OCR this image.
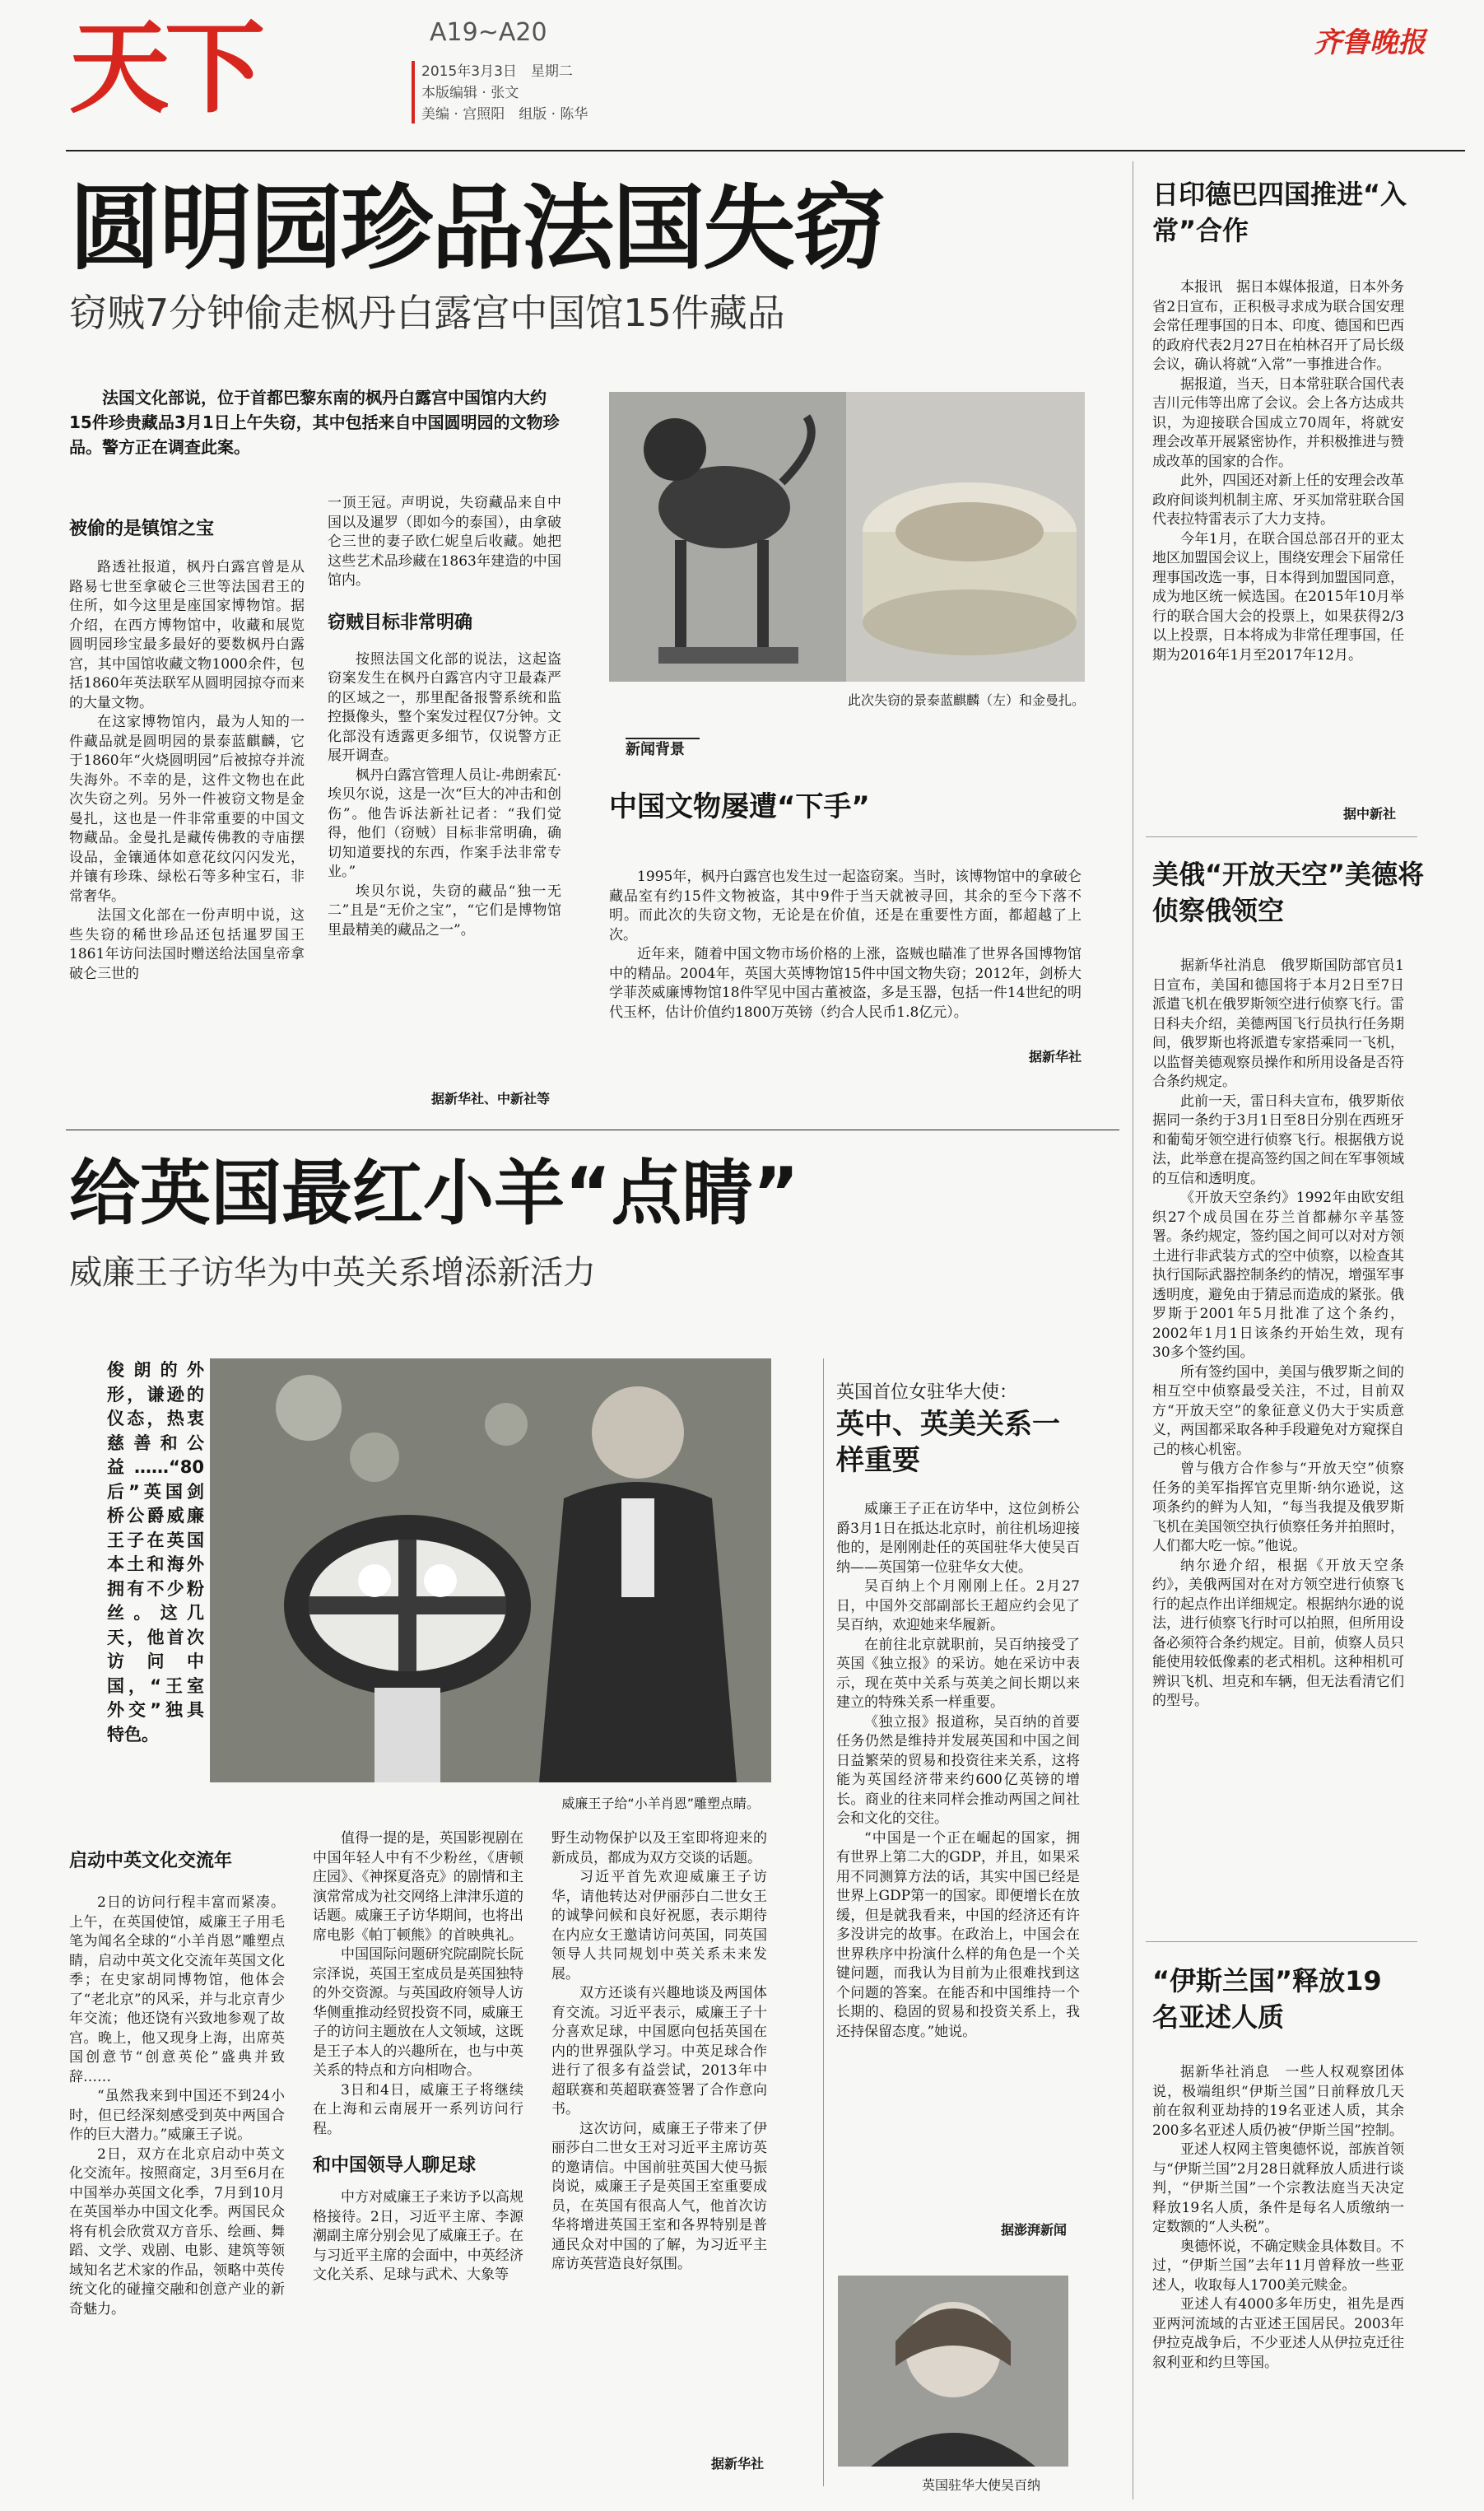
天下	A19~A20
2015年3月3日　 星期二
本版编辑 · 张文
美编 · 宫照阳　组版 · 陈华
齐鲁晚报
圆明园珍品法国失窃
窃贼7分钟偷走枫丹白露宫中国馆15件藏品

法国文化部说，位于首都巴黎东南的枫丹白露宫中国馆内大约15件珍贵藏品3月1日上午失窃，其中包括来自中国圆明园的文物珍品。警方正在调查此案。

被偷的是镇馆之宝

路透社报道，枫丹白露宫曾是从路易七世至拿破仑三世等法国君王的住所，如今这里是座国家博物馆。据介绍，在西方博物馆中，收藏和展览圆明园珍宝最多最好的要数枫丹白露宫，其中国馆收藏文物1000余件，包括1860年英法联军从圆明园掠夺而来的大量文物。

在这家博物馆内，最为人知的一件藏品就是圆明园的景泰蓝麒麟，它于1860年“火烧圆明园”后被掠夺并流失海外。不幸的是，这件文物也在此次失窃之列。另外一件被窃文物是金曼扎，这也是一件非常重要的中国文物藏品。金曼扎是藏传佛教的寺庙摆设品，金镶通体如意花纹闪闪发光，并镶有珍珠、绿松石等多种宝石，非常奢华。

法国文化部在一份声明中说，这些失窃的稀世珍品还包括暹罗国王1861年访问法国时赠送给法国皇帝拿破仑三世的

一顶王冠。声明说，失窃藏品来自中国以及暹罗（即如今的泰国），由拿破仑三世的妻子欧仁妮皇后收藏。她把这些艺术品珍藏在1863年建造的中国馆内。

窃贼目标非常明确

按照法国文化部的说法，这起盗窃案发生在枫丹白露宫内守卫最森严的区域之一，那里配备报警系统和监控摄像头，整个案发过程仅7分钟。文化部没有透露更多细节，仅说警方正展开调查。

枫丹白露宫管理人员让-弗朗索瓦·埃贝尔说，这是一次“巨大的冲击和创伤”。他告诉法新社记者：“我们觉得，他们（窃贼）目标非常明确，确切知道要找的东西，作案手法非常专业。”

埃贝尔说，失窃的藏品“独一无二”且是“无价之宝”，“它们是博物馆里最精美的藏品之一”。

据新华社、中新社等
此次失窃的景泰蓝麒麟（左）和金曼扎。
新闻背景
中国文物屡遭“下手”

1995年，枫丹白露宫也发生过一起盗窃案。当时，该博物馆中的拿破仑藏品室有约15件文物被盗，其中9件于当天就被寻回，其余的至今下落不明。而此次的失窃文物，无论是在价值，还是在重要性方面，都超越了上次。

近年来，随着中国文物市场价格的上涨，盗贼也瞄准了世界各国博物馆中的精品。2004年，英国大英博物馆15件中国文物失窃；2012年，剑桥大学菲茨威廉博物馆18件罕见中国古董被盗，多是玉器，包括一件14世纪的明代玉杯，估计价值约1800万英镑（约合人民币1.8亿元）。

据新华社
给英国最红小羊“点睛”
威廉王子访华为中英关系增添新活力
俊朗的外形，谦逊的仪态，热衷慈善和公益……“80后”英国剑桥公爵威廉王子在英国本土和海外拥有不少粉丝。这几天，他首次访问中国，“王室外交”独具特色。
威廉王子给“小羊肖恩”雕塑点睛。
启动中英文化交流年

2日的访问行程丰富而紧凑。上午，在英国使馆，威廉王子用毛笔为闻名全球的“小羊肖恩”雕塑点睛，启动中英文化交流年英国文化季；在史家胡同博物馆，他体会了“老北京”的风采，并与北京青少年交流；他还饶有兴致地参观了故宫。晚上，他又现身上海，出席英国创意节“创意英伦”盛典并致辞……

“虽然我来到中国还不到24小时，但已经深刻感受到英中两国合作的巨大潜力。”威廉王子说。

2日，双方在北京启动中英文化交流年。按照商定，3月至6月在中国举办英国文化季，7月到10月在英国举办中国文化季。两国民众将有机会欣赏双方音乐、绘画、舞蹈、文学、戏剧、电影、建筑等领域知名艺术家的作品，领略中英传统文化的碰撞交融和创意产业的新奇魅力。

值得一提的是，英国影视剧在中国年轻人中有不少粉丝，《唐顿庄园》、《神探夏洛克》的剧情和主演常常成为社交网络上津津乐道的话题。威廉王子访华期间，也将出席电影《帕丁顿熊》的首映典礼。

中国国际问题研究院副院长阮宗泽说，英国王室成员是英国独特的外交资源。与英国政府领导人访华侧重推动经贸投资不同，威廉王子的访问主题放在人文领域，这既是王子本人的兴趣所在，也与中英关系的特点和方向相吻合。

3日和4日，威廉王子将继续在上海和云南展开一系列访问行程。

和中国领导人聊足球

中方对威廉王子来访予以高规格接待。2日，习近平主席、李源潮副主席分别会见了威廉王子。在与习近平主席的会面中，中英经济文化关系、足球与武术、大象等

野生动物保护以及王室即将迎来的新成员，都成为双方交谈的话题。

习近平首先欢迎威廉王子访华，请他转达对伊丽莎白二世女王的诚挚问候和良好祝愿，表示期待在内应女王邀请访问英国，同英国领导人共同规划中英关系未来发展。

双方还谈有兴趣地谈及两国体育交流。习近平表示，威廉王子十分喜欢足球，中国愿向包括英国在内的世界强队学习。中英足球合作进行了很多有益尝试，2013年中超联赛和英超联赛签署了合作意向书。

这次访问，威廉王子带来了伊丽莎白二世女王对习近平主席访英的邀请信。中国前驻英国大使马振岗说，威廉王子是英国王室重要成员，在英国有很高人气，他首次访华将增进英国王室和各界特别是普通民众对中国的了解，为习近平主席访英营造良好氛围。

据新华社
英国首位女驻华大使：
英中、英美关系一样重要

威廉王子正在访华中，这位剑桥公爵3月1日在抵达北京时，前往机场迎接他的，是刚刚赴任的英国驻华大使吴百纳——英国第一位驻华女大使。

吴百纳上个月刚刚上任。2月27日，中国外交部副部长王超应约会见了吴百纳，欢迎她来华履新。

在前往北京就职前，吴百纳接受了英国《独立报》的采访。她在采访中表示，现在英中关系与英美之间长期以来建立的特殊关系一样重要。

《独立报》报道称，吴百纳的首要任务仍然是维持并发展英国和中国之间日益繁荣的贸易和投资往来关系，这将能为英国经济带来约600亿英镑的增长。商业的往来同样会推动两国之间社会和文化的交往。

“中国是一个正在崛起的国家，拥有世界上第二大的GDP，并且，如果采用不同测算方法的话，其实中国已经是世界上GDP第一的国家。即便增长在放缓，但是就我看来，中国的经济还有许多没讲完的故事。在政治上，中国会在世界秩序中扮演什么样的角色是一个关键问题，而我认为目前为止很难找到这个问题的答案。在能否和中国维持一个长期的、稳固的贸易和投资关系上，我还持保留态度。”她说。

据澎湃新闻
英国驻华大使吴百纳
日印德巴四国推进“入常”合作

本报讯　据日本媒体报道，日本外务省2日宣布，正积极寻求成为联合国安理会常任理事国的日本、印度、德国和巴西的政府代表2月27日在柏林召开了局长级会议，确认将就“入常”一事推进合作。

据报道，当天，日本常驻联合国代表吉川元伟等出席了会议。会上各方达成共识，为迎接联合国成立70周年，将就安理会改革开展紧密协作，并积极推进与赞成改革的国家的合作。

此外，四国还对新上任的安理会改革政府间谈判机制主席、牙买加常驻联合国代表拉特雷表示了大力支持。

今年1月，在联合国总部召开的亚太地区加盟国会议上，围绕安理会下届常任理事国改选一事，日本得到加盟国同意，成为地区统一候选国。在2015年10月举行的联合国大会的投票上，如果获得2/3以上投票，日本将成为非常任理事国，任期为2016年1月至2017年12月。

据中新社
美俄“开放天空”美德将侦察俄领空

据新华社消息　俄罗斯国防部官员1日宣布，美国和德国将于本月2日至7日派遣飞机在俄罗斯领空进行侦察飞行。雷日科夫介绍，美德两国飞行员执行任务期间，俄罗斯也将派遣专家搭乘同一飞机，以监督美德观察员操作和所用设备是否符合条约规定。

此前一天，雷日科夫宣布，俄罗斯依据同一条约于3月1日至8日分别在西班牙和葡萄牙领空进行侦察飞行。根据俄方说法，此举意在提高签约国之间在军事领域的互信和透明度。

《开放天空条约》1992年由欧安组织27个成员国在芬兰首都赫尔辛基签署。条约规定，签约国之间可以对对方领土进行非武装方式的空中侦察，以检查其执行国际武器控制条约的情况，增强军事透明度，避免由于猜忌而造成的紧张。俄罗斯于2001年5月批准了这个条约，2002年1月1日该条约开始生效，现有30多个签约国。

所有签约国中，美国与俄罗斯之间的相互空中侦察最受关注，不过，目前双方“开放天空”的象征意义仍大于实质意义，两国都采取各种手段避免对方窥探自己的核心机密。

曾与俄方合作参与“开放天空”侦察任务的美军指挥官克里斯·纳尔逊说，这项条约的鲜为人知，“每当我提及俄罗斯飞机在美国领空执行侦察任务并拍照时，人们都大吃一惊。”他说。

纳尔逊介绍，根据《开放天空条约》，美俄两国对在对方领空进行侦察飞行的起点作出详细规定。根据纳尔逊的说法，进行侦察飞行时可以拍照，但所用设备必须符合条约规定。目前，侦察人员只能使用较低像素的老式相机。这种相机可辨识飞机、坦克和车辆，但无法看清它们的型号。

“伊斯兰国”释放19名亚述人质

据新华社消息　一些人权观察团体说，极端组织“伊斯兰国”日前释放几天前在叙利亚劫持的19名亚述人质，其余200多名亚述人质仍被“伊斯兰国”控制。

亚述人权网主管奥德怀说，部族首领与“伊斯兰国”2月28日就释放人质进行谈判，“伊斯兰国”一个宗教法庭当天决定释放19名人质，条件是每名人质缴纳一定数额的“人头税”。

奥德怀说，不确定赎金具体数目。不过，“伊斯兰国”去年11月曾释放一些亚述人，收取每人1700美元赎金。

亚述人有4000多年历史，祖先是西亚两河流域的古亚述王国居民。2003年伊拉克战争后，不少亚述人从伊拉克迁往叙利亚和约旦等国。
